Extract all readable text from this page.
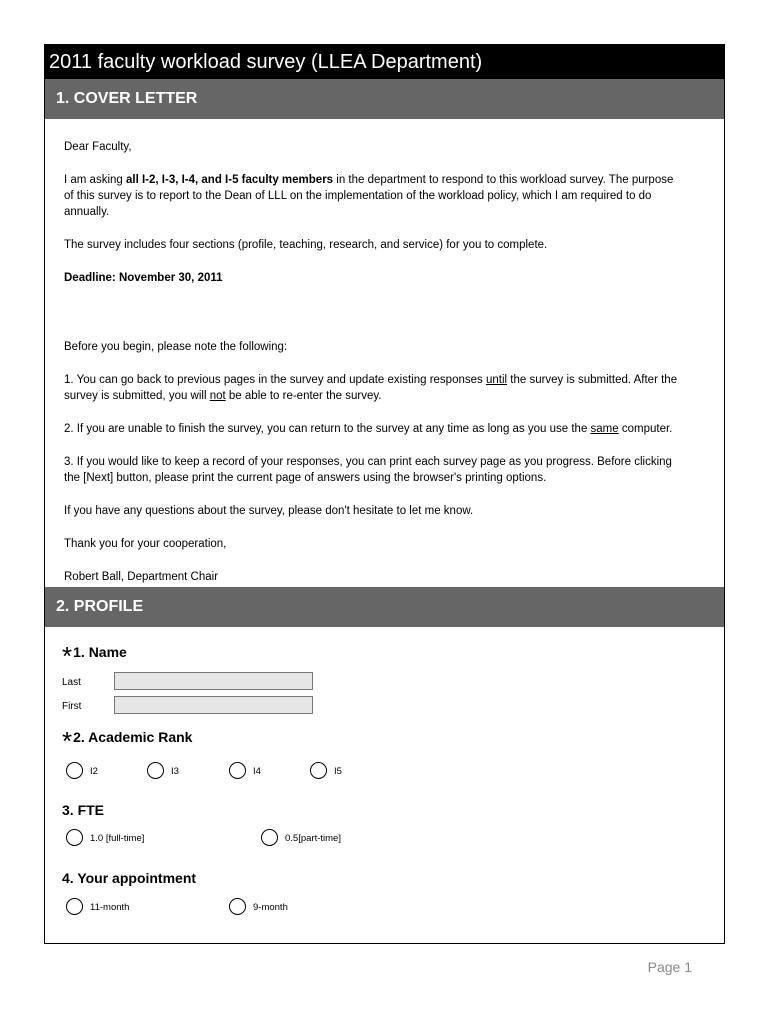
2011 faculty workload survey (LLEA Department)
1. COVER LETTER

Dear Faculty,

I am asking all I-2, I-3, I-4, and I-5 faculty members in the department to respond to this workload survey. The purpose
of this survey is to report to the Dean of LLL on the implementation of the workload policy, which I am required to do
annually.

The survey includes four sections (profile, teaching, research, and service) for you to complete.

Deadline: November 30, 2011

Before you begin, please note the following:

1. You can go back to previous pages in the survey and update existing responses until the survey is submitted. After the
survey is submitted, you will not be able to re-enter the survey.

2. If you are unable to finish the survey, you can return to the survey at any time as long as you use the same computer.

3. If you would like to keep a record of your responses, you can print each survey page as you progress. Before clicking
the [Next] button, please print the current page of answers using the browser's printing options.

If you have any questions about the survey, please don't hesitate to let me know.

Thank you for your cooperation,

Robert Ball, Department Chair

2. PROFILE
*1. Name
Last
First
*2. Academic Rank
I2	I3	I4	I5
3. FTE
1.0 [full-time]	0.5[part-time]
4. Your appointment
11-month	9-month
Page 1
